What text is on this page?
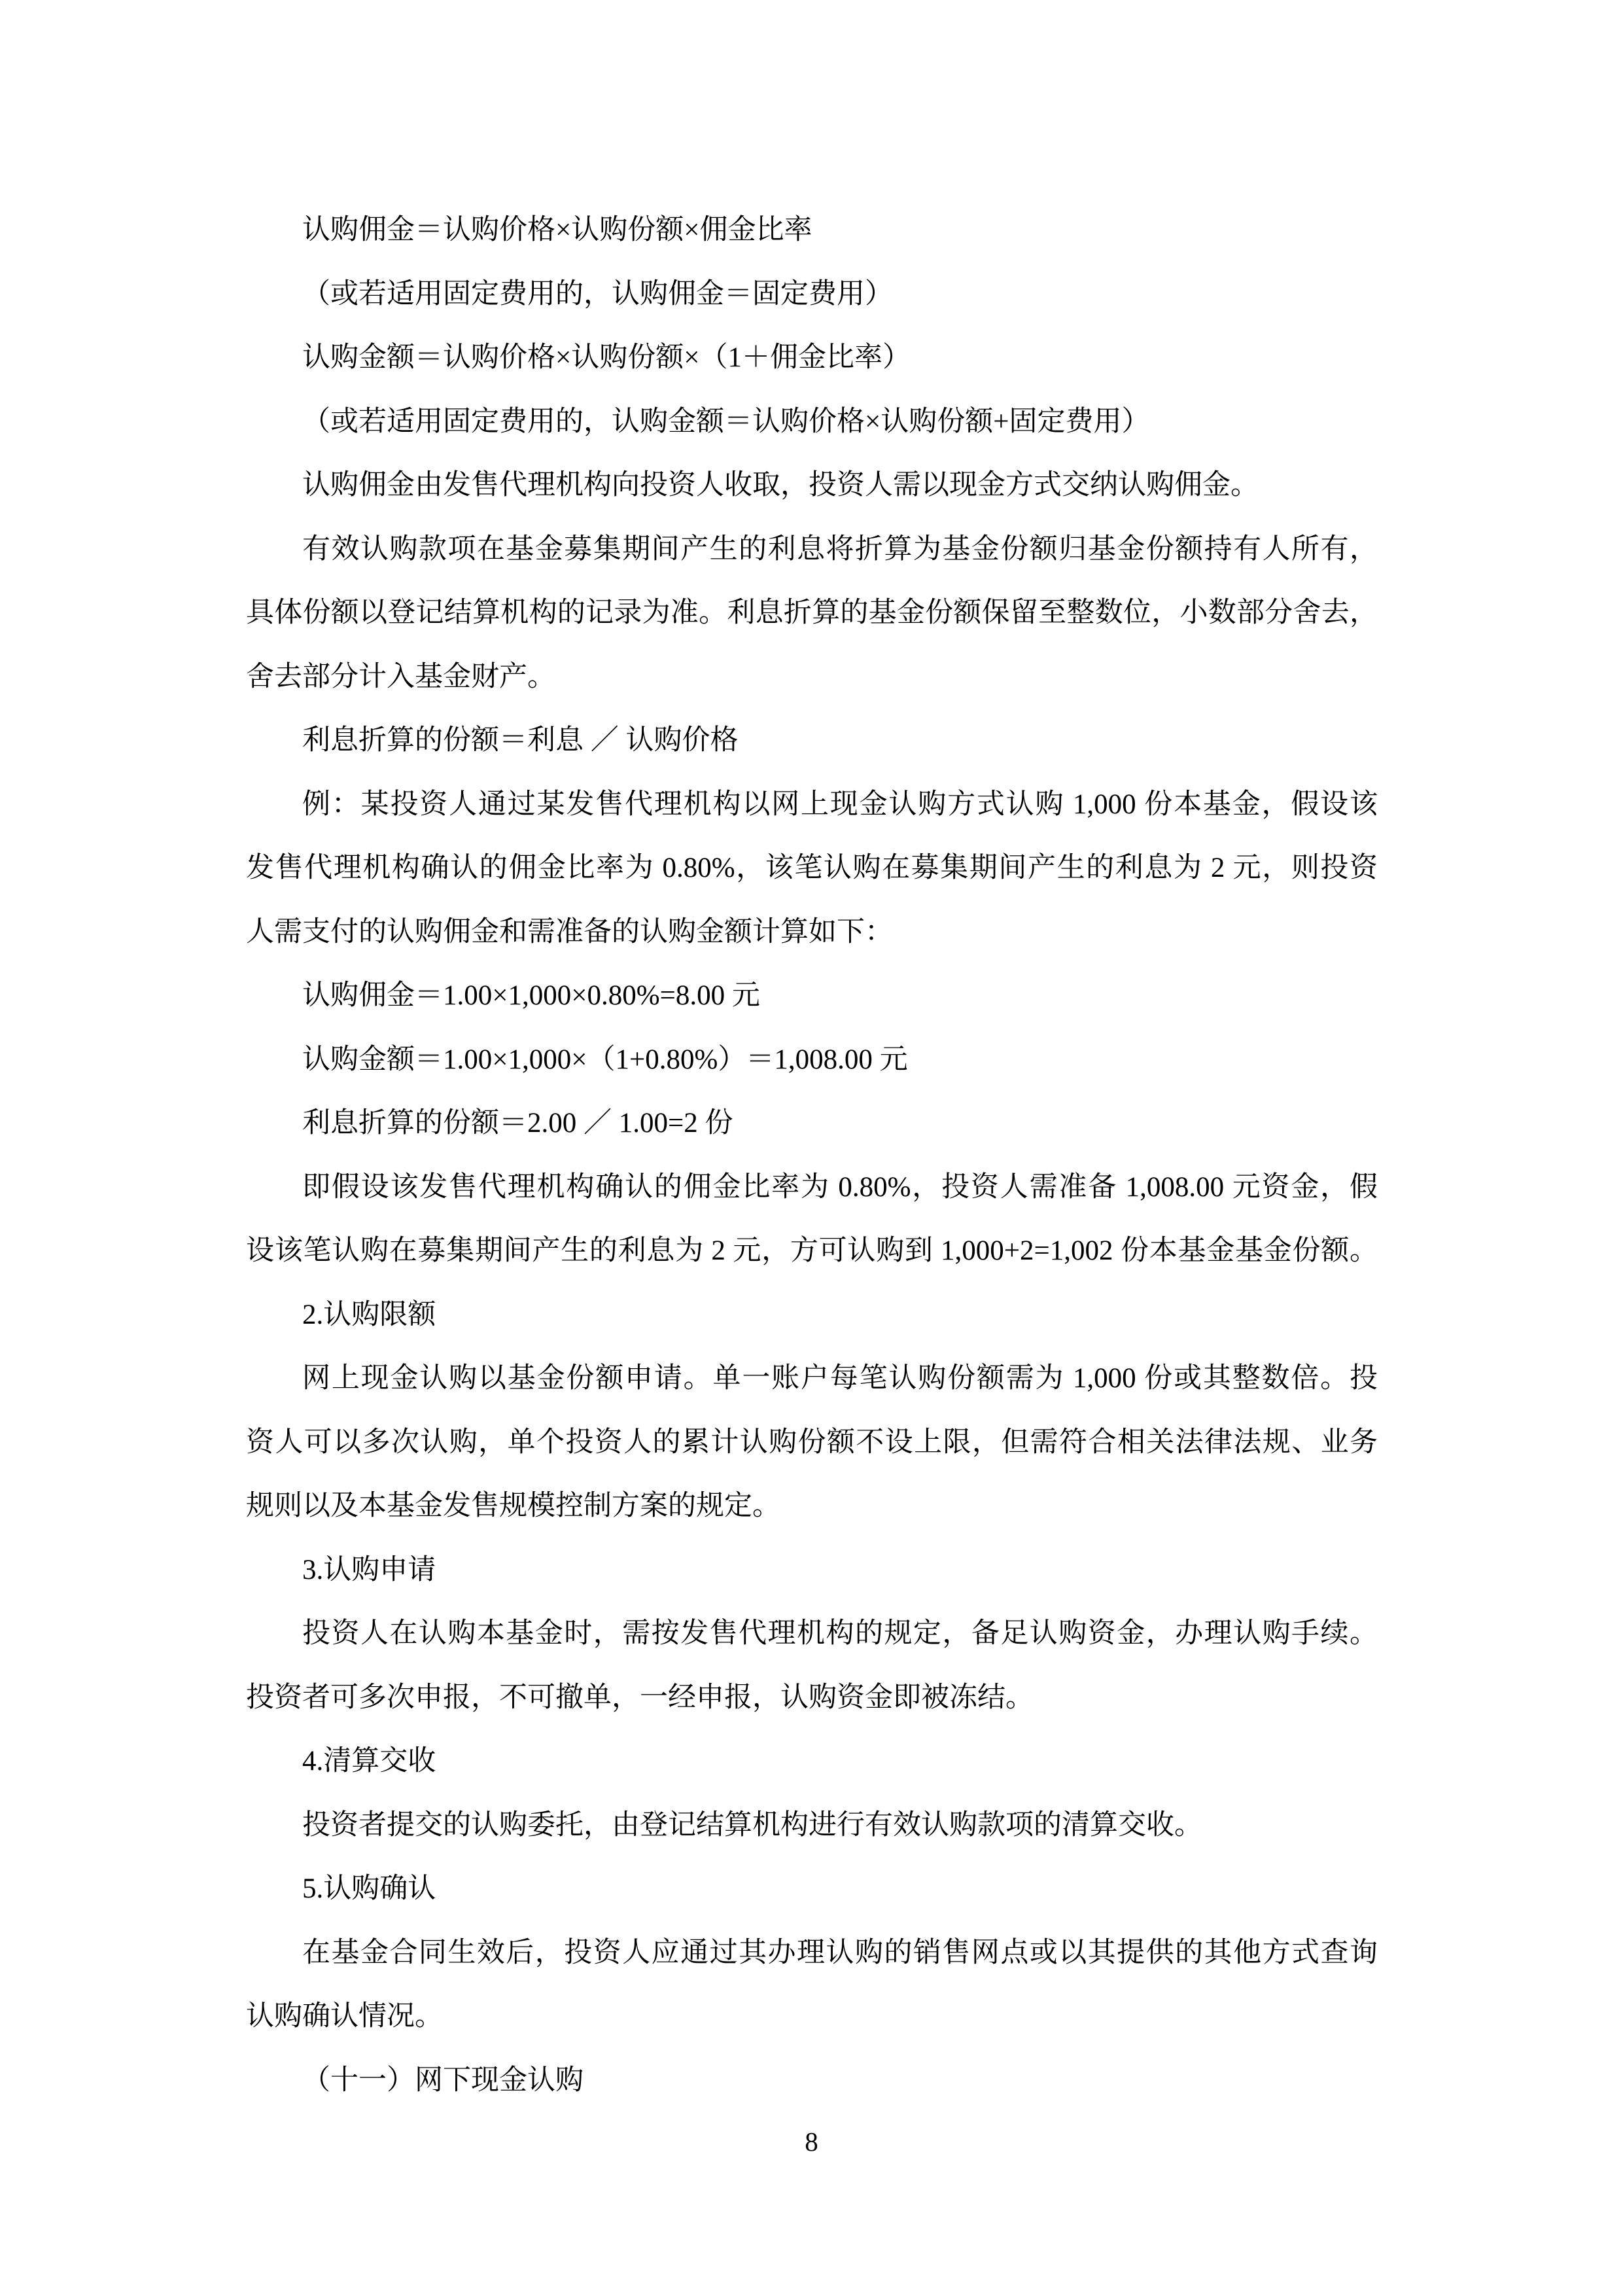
认购佣金＝认购价格×认购份额×佣金比率
（或若适用固定费用的，认购佣金＝固定费用）
认购金额＝认购价格×认购份额×（1＋佣金比率）
（或若适用固定费用的，认购金额＝认购价格×认购份额+固定费用）
认购佣金由发售代理机构向投资人收取，投资人需以现金方式交纳认购佣金。
有效认购款项在基金募集期间产生的利息将折算为基金份额归基金份额持有人所有，
具体份额以登记结算机构的记录为准。利息折算的基金份额保留至整数位，小数部分舍去，
舍去部分计入基金财产。
利息折算的份额＝利息 ／ 认购价格
例：某投资人通过某发售代理机构以网上现金认购方式认购 1,000 份本基金，假设该
发售代理机构确认的佣金比率为 0.80%，该笔认购在募集期间产生的利息为 2 元，则投资
人需支付的认购佣金和需准备的认购金额计算如下：
认购佣金＝1.00×1,000×0.80%=8.00 元
认购金额＝1.00×1,000×（1+0.80%）＝1,008.00 元
利息折算的份额＝2.00 ／ 1.00=2 份
即假设该发售代理机构确认的佣金比率为 0.80%，投资人需准备 1,008.00 元资金，假
设该笔认购在募集期间产生的利息为 2 元，方可认购到 1,000+2=1,002 份本基金基金份额。
2.认购限额
网上现金认购以基金份额申请。单一账户每笔认购份额需为 1,000 份或其整数倍。投
资人可以多次认购，单个投资人的累计认购份额不设上限，但需符合相关法律法规、业务
规则以及本基金发售规模控制方案的规定。
3.认购申请
投资人在认购本基金时，需按发售代理机构的规定，备足认购资金，办理认购手续。
投资者可多次申报，不可撤单，一经申报，认购资金即被冻结。
4.清算交收
投资者提交的认购委托，由登记结算机构进行有效认购款项的清算交收。
5.认购确认
在基金合同生效后，投资人应通过其办理认购的销售网点或以其提供的其他方式查询
认购确认情况。
（十一）网下现金认购
8
